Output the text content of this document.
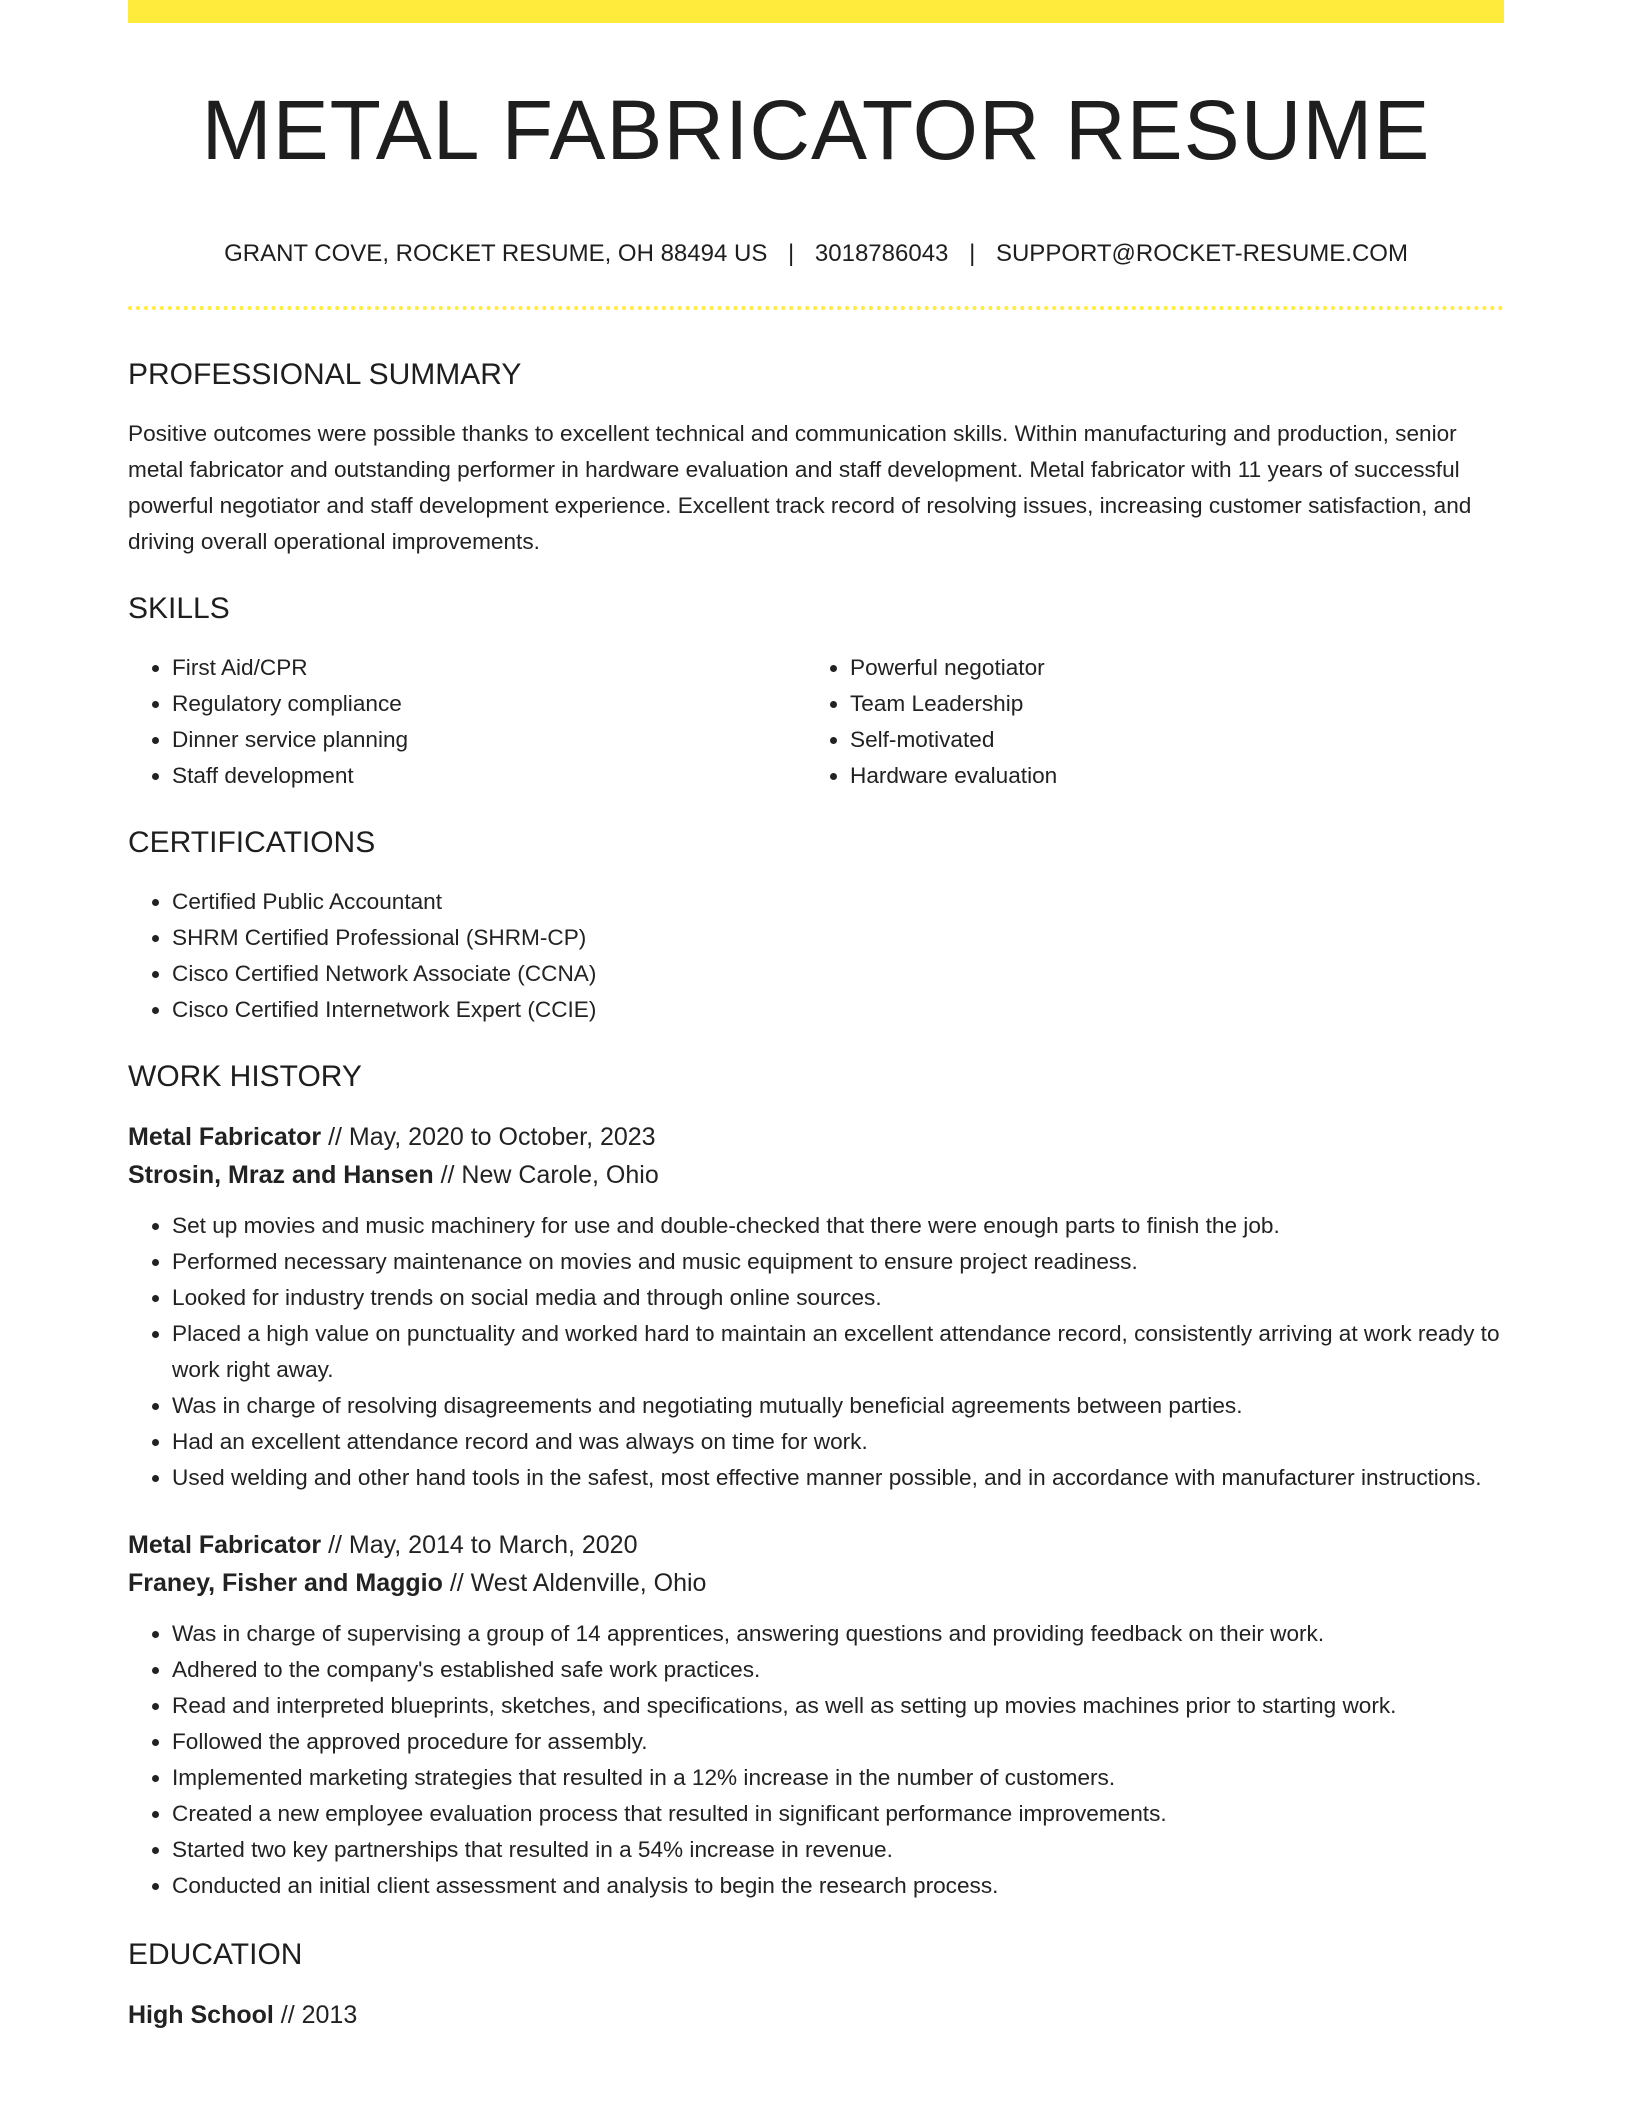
METAL FABRICATOR RESUME
GRANT COVE, ROCKET RESUME, OH 88494 US | 3018786043 | SUPPORT@ROCKET-RESUME.COM
PROFESSIONAL SUMMARY

Positive outcomes were possible thanks to excellent technical and communication skills. Within manufacturing and production, senior metal fabricator and outstanding performer in hardware evaluation and staff development. Metal fabricator with 11 years of successful powerful negotiator and staff development experience. Excellent track record of resolving issues, increasing customer satisfaction, and driving overall operational improvements.

SKILLS
• First Aid/CPR
• Regulatory compliance
• Dinner service planning
• Staff development
• Powerful negotiator
• Team Leadership
• Self-motivated
• Hardware evaluation
CERTIFICATIONS
• Certified Public Accountant
• SHRM Certified Professional (SHRM-CP)
• Cisco Certified Network Associate (CCNA)
• Cisco Certified Internetwork Expert (CCIE)
WORK HISTORY
Metal Fabricator // May, 2020 to October, 2023
Strosin, Mraz and Hansen // New Carole, Ohio
• Set up movies and music machinery for use and double-checked that there were enough parts to finish the job.
• Performed necessary maintenance on movies and music equipment to ensure project readiness.
• Looked for industry trends on social media and through online sources.
• Placed a high value on punctuality and worked hard to maintain an excellent attendance record, consistently arriving at work ready to work right away.
• Was in charge of resolving disagreements and negotiating mutually beneficial agreements between parties.
• Had an excellent attendance record and was always on time for work.
• Used welding and other hand tools in the safest, most effective manner possible, and in accordance with manufacturer instructions.
Metal Fabricator // May, 2014 to March, 2020
Franey, Fisher and Maggio // West Aldenville, Ohio
• Was in charge of supervising a group of 14 apprentices, answering questions and providing feedback on their work.
• Adhered to the company's established safe work practices.
• Read and interpreted blueprints, sketches, and specifications, as well as setting up movies machines prior to starting work.
• Followed the approved procedure for assembly.
• Implemented marketing strategies that resulted in a 12% increase in the number of customers.
• Created a new employee evaluation process that resulted in significant performance improvements.
• Started two key partnerships that resulted in a 54% increase in revenue.
• Conducted an initial client assessment and analysis to begin the research process.
EDUCATION
High School // 2013
